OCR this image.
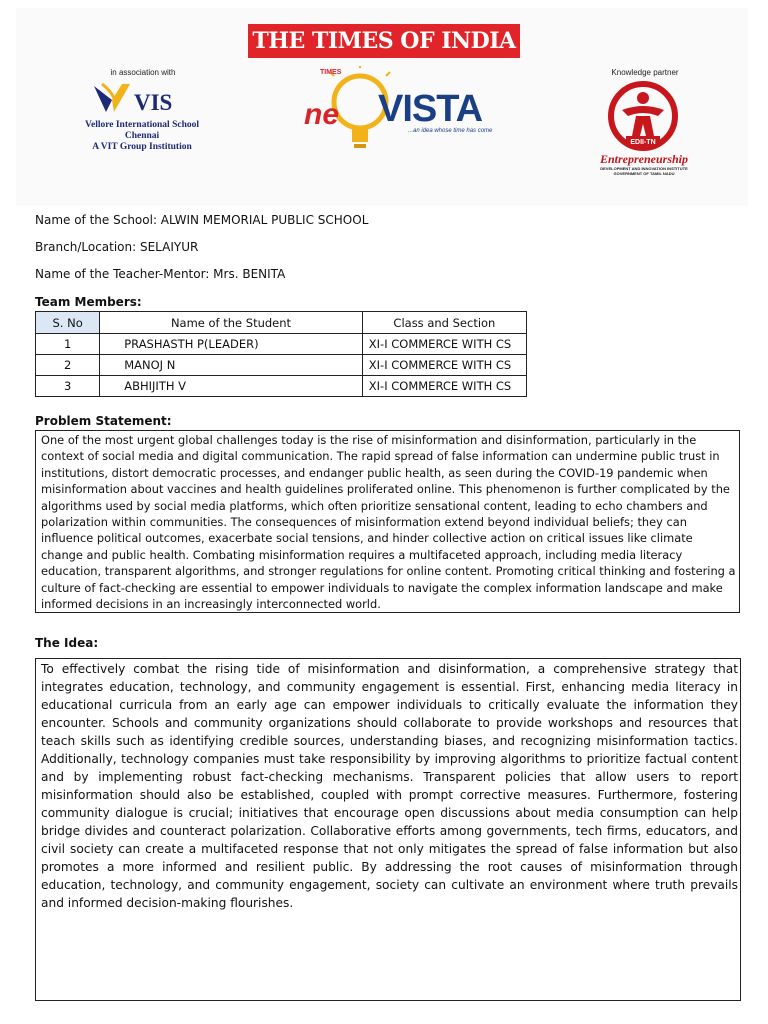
THE TIMES OF INDIA
in association with
VIS
Vellore International School
Chennai
A VIT Group Institution
ne
TIMES
VISTA
...an idea whose time has come
Knowledge partner
EDII-TN
Entrepreneurship
DEVELOPMENT AND INNOVATION INSTITUTE
GOVERNMENT OF TAMIL NADU
Name of the School: ALWIN MEMORIAL PUBLIC SCHOOL
Branch/Location: SELAIYUR
Name of the Teacher-Mentor: Mrs. BENITA
Team Members:
S. No	Name of the Student	Class and Section
1	PRASHASTH P(LEADER)	XI-I COMMERCE WITH CS
2	MANOJ N	XI-I COMMERCE WITH CS
3	ABHIJITH V	XI-I COMMERCE WITH CS
Problem Statement:
One of the most urgent global challenges today is the rise of misinformation and disinformation, particularly in the context of social media and digital communication. The rapid spread of false information can undermine public trust in institutions, distort democratic processes, and endanger public health, as seen during the COVID-19 pandemic when misinformation about vaccines and health guidelines proliferated online. This phenomenon is further complicated by the algorithms used by social media platforms, which often prioritize sensational content, leading to echo chambers and polarization within communities. The consequences of misinformation extend beyond individual beliefs; they can influence political outcomes, exacerbate social tensions, and hinder collective action on critical issues like climate change and public health. Combating misinformation requires a multifaceted approach, including media literacy education, transparent algorithms, and stronger regulations for online content. Promoting critical thinking and fostering a culture of fact-checking are essential to empower individuals to navigate the complex information landscape and make informed decisions in an increasingly interconnected world.
The Idea:
To effectively combat the rising tide of misinformation and disinformation, a comprehensive strategy that integrates education, technology, and community engagement is essential. First, enhancing media literacy in educational curricula from an early age can empower individuals to critically evaluate the information they encounter. Schools and community organizations should collaborate to provide workshops and resources that teach skills such as identifying credible sources, understanding biases, and recognizing misinformation tactics. Additionally, technology companies must take responsibility by improving algorithms to prioritize factual content and by implementing robust fact-checking mechanisms. Transparent policies that allow users to report misinformation should also be established, coupled with prompt corrective measures. Furthermore, fostering community dialogue is crucial; initiatives that encourage open discussions about media consumption can help bridge divides and counteract polarization. Collaborative efforts among governments, tech firms, educators, and civil society can create a multifaceted response that not only mitigates the spread of false information but also promotes a more informed and resilient public. By addressing the root causes of misinformation through education, technology, and community engagement, society can cultivate an environment where truth prevails and informed decision-making flourishes.
